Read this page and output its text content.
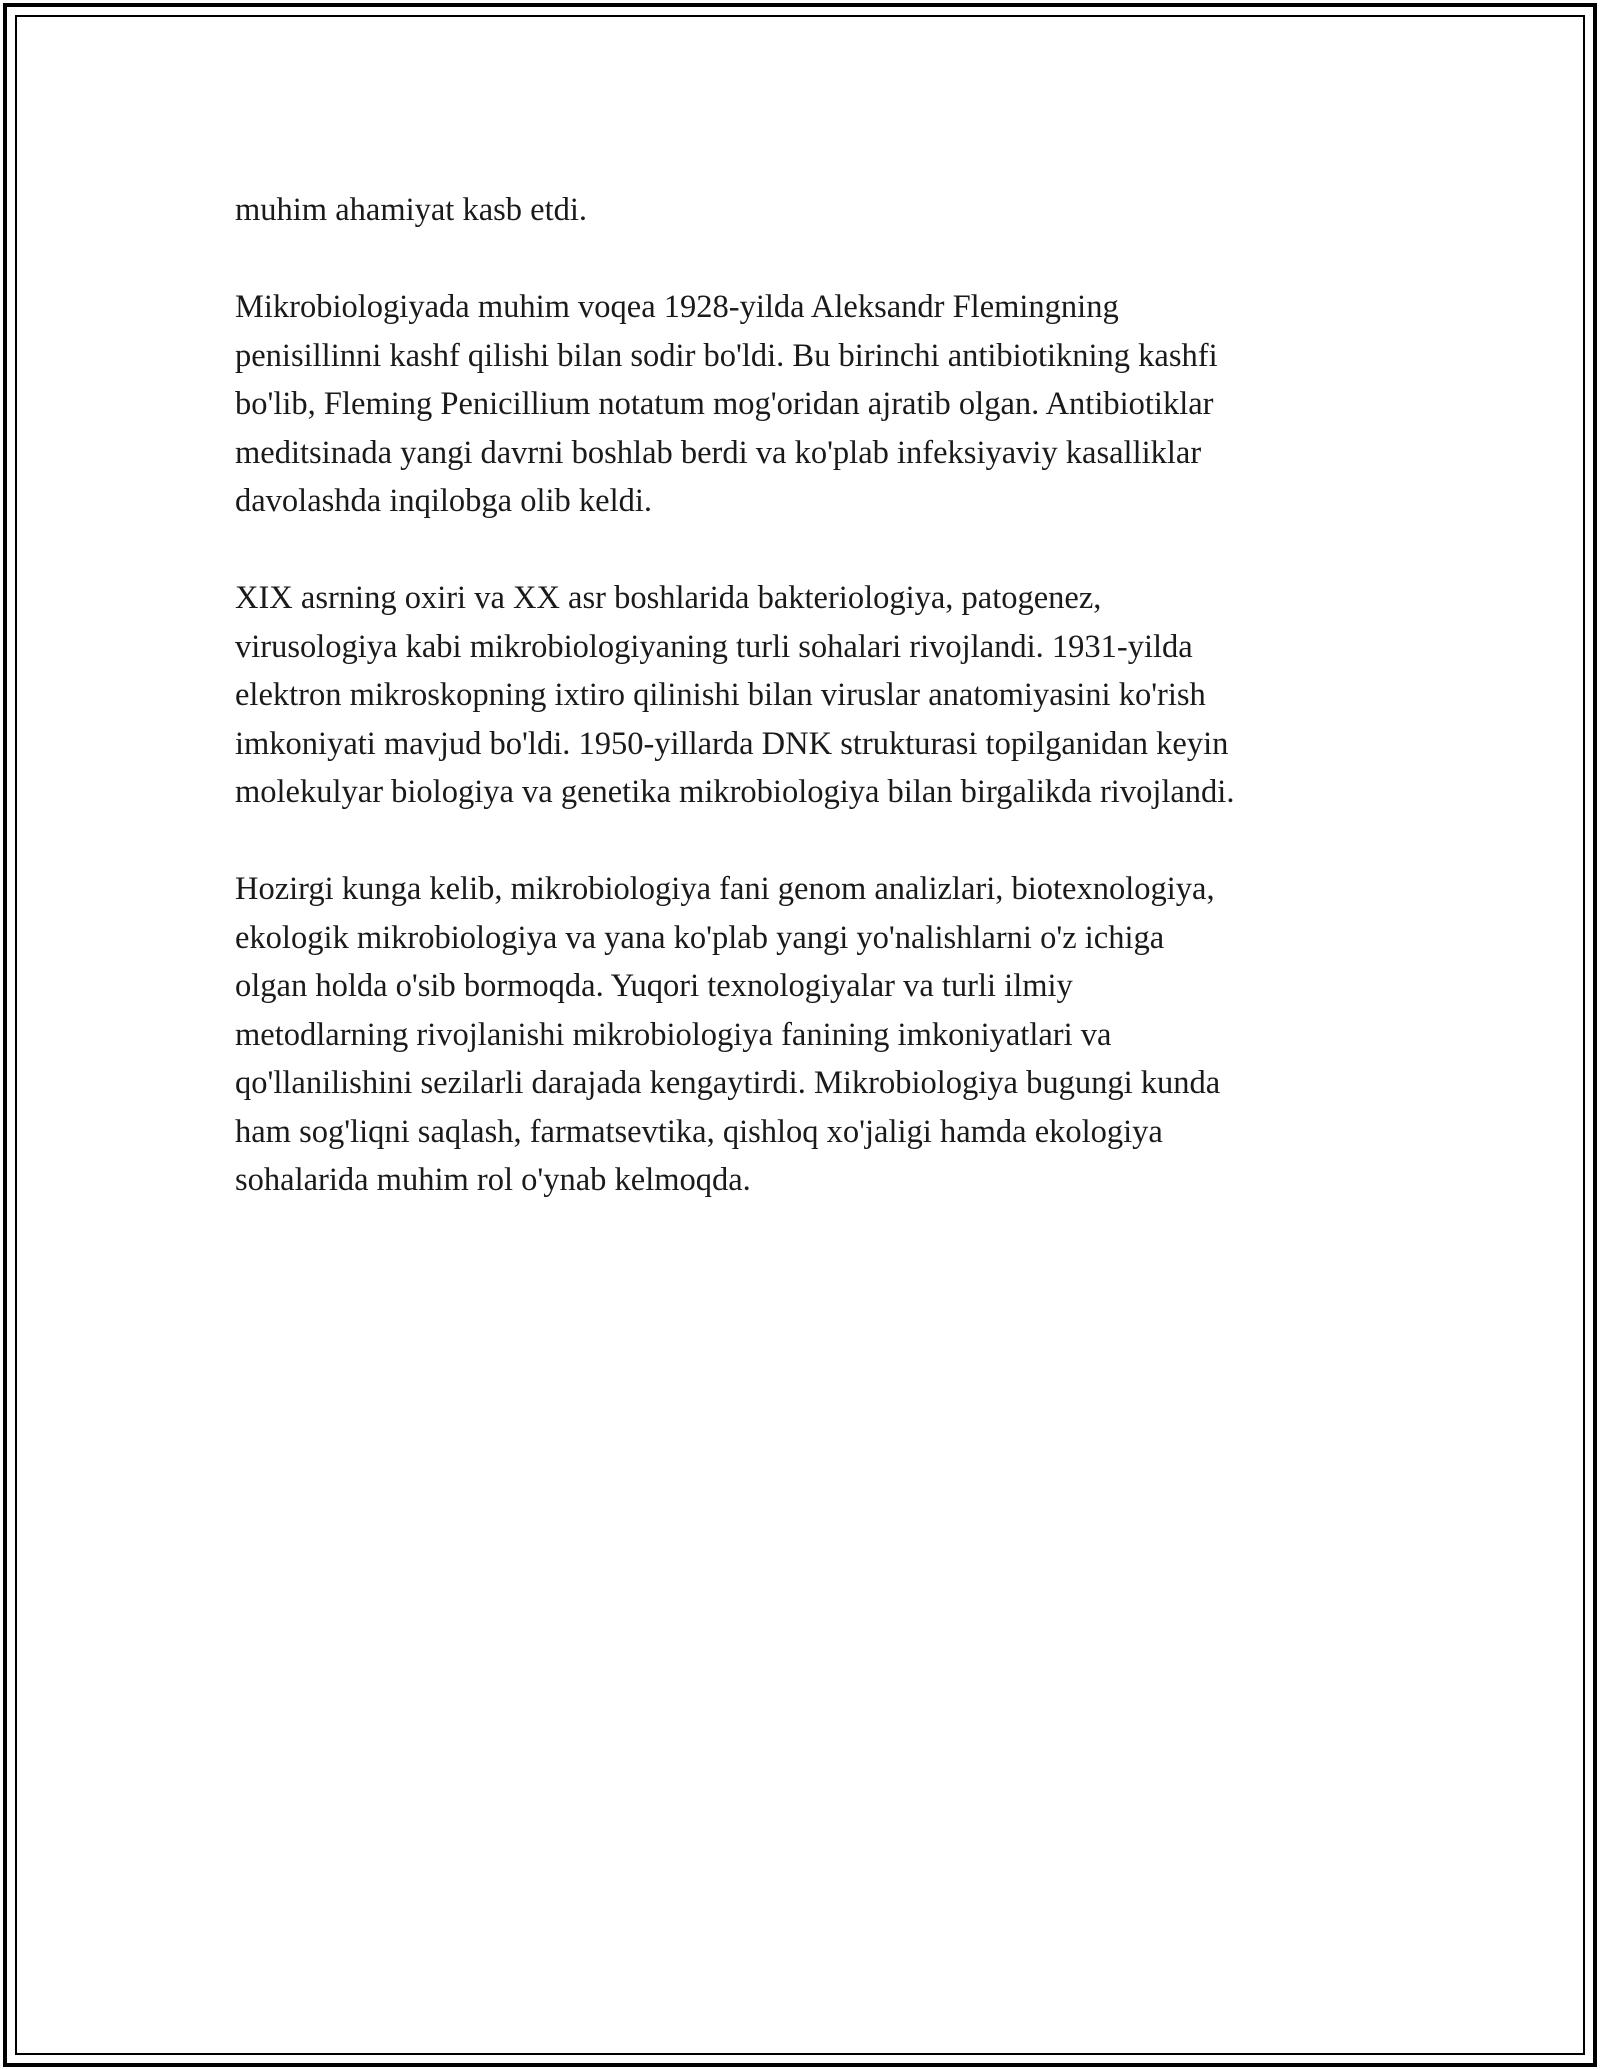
muhim ahamiyat kasb etdi.

Mikrobiologiyada muhim voqea 1928-yilda Aleksandr Flemingning
penisillinni kashf qilishi bilan sodir bo'ldi. Bu birinchi antibiotikning kashfi
bo'lib, Fleming Penicillium notatum mog'oridan ajratib olgan. Antibiotiklar
meditsinada yangi davrni boshlab berdi va ko'plab infeksiyaviy kasalliklar
davolashda inqilobga olib keldi.

XIX asrning oxiri va XX asr boshlarida bakteriologiya, patogenez,
virusologiya kabi mikrobiologiyaning turli sohalari rivojlandi. 1931-yilda
elektron mikroskopning ixtiro qilinishi bilan viruslar anatomiyasini ko'rish
imkoniyati mavjud bo'ldi. 1950-yillarda DNK strukturasi topilganidan keyin
molekulyar biologiya va genetika mikrobiologiya bilan birgalikda rivojlandi.

Hozirgi kunga kelib, mikrobiologiya fani genom analizlari, biotexnologiya,
ekologik mikrobiologiya va yana ko'plab yangi yo'nalishlarni o'z ichiga
olgan holda o'sib bormoqda. Yuqori texnologiyalar va turli ilmiy
metodlarning rivojlanishi mikrobiologiya fanining imkoniyatlari va
qo'llanilishini sezilarli darajada kengaytirdi. Mikrobiologiya bugungi kunda
ham sog'liqni saqlash, farmatsevtika, qishloq xo'jaligi hamda ekologiya
sohalarida muhim rol o'ynab kelmoqda.
